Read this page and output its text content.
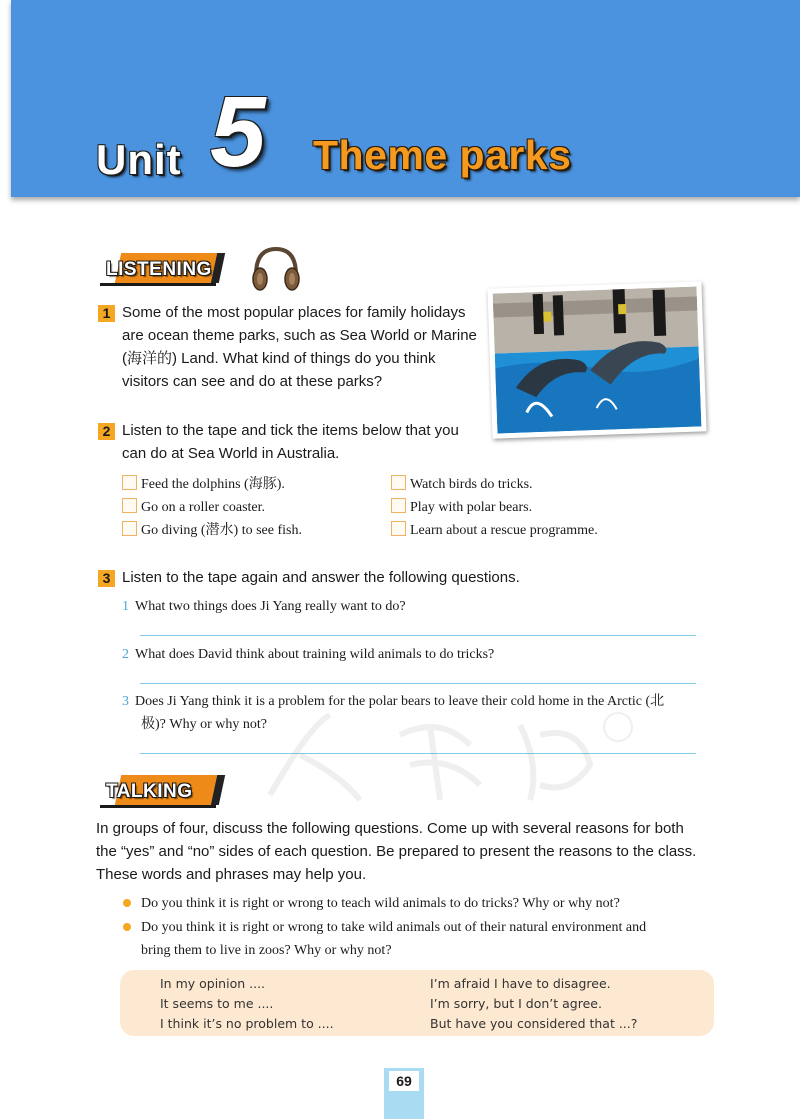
Unit 5 Theme parks
LISTENING
1 Some of the most popular places for family holidays
are ocean theme parks, such as Sea World or Marine
(海洋的) Land. What kind of things do you think
visitors can see and do at these parks?
2 Listen to the tape and tick the items below that you
can do at Sea World in Australia.
Feed the dolphins (海豚).
Go on a roller coaster.
Go diving (潜水) to see fish.
Watch birds do tricks.
Play with polar bears.
Learn about a rescue programme.
3 Listen to the tape again and answer the following questions.
1 What two things does Ji Yang really want to do?
2 What does David think about training wild animals to do tricks?
3 Does Ji Yang think it is a problem for the polar bears to leave their cold home in the Arctic (北
极)? Why or why not?
TALKING
In groups of four, discuss the following questions. Come up with several reasons for both
the “yes” and “no” sides of each question. Be prepared to present the reasons to the class.
These words and phrases may help you.
Do you think it is right or wrong to teach wild animals to do tricks? Why or why not?
Do you think it is right or wrong to take wild animals out of their natural environment and
bring them to live in zoos? Why or why not?
In my opinion ....
It seems to me ....
I think it’s no problem to ....
I’m afraid I have to disagree.
I’m sorry, but I don’t agree.
But have you considered that ...?
69
